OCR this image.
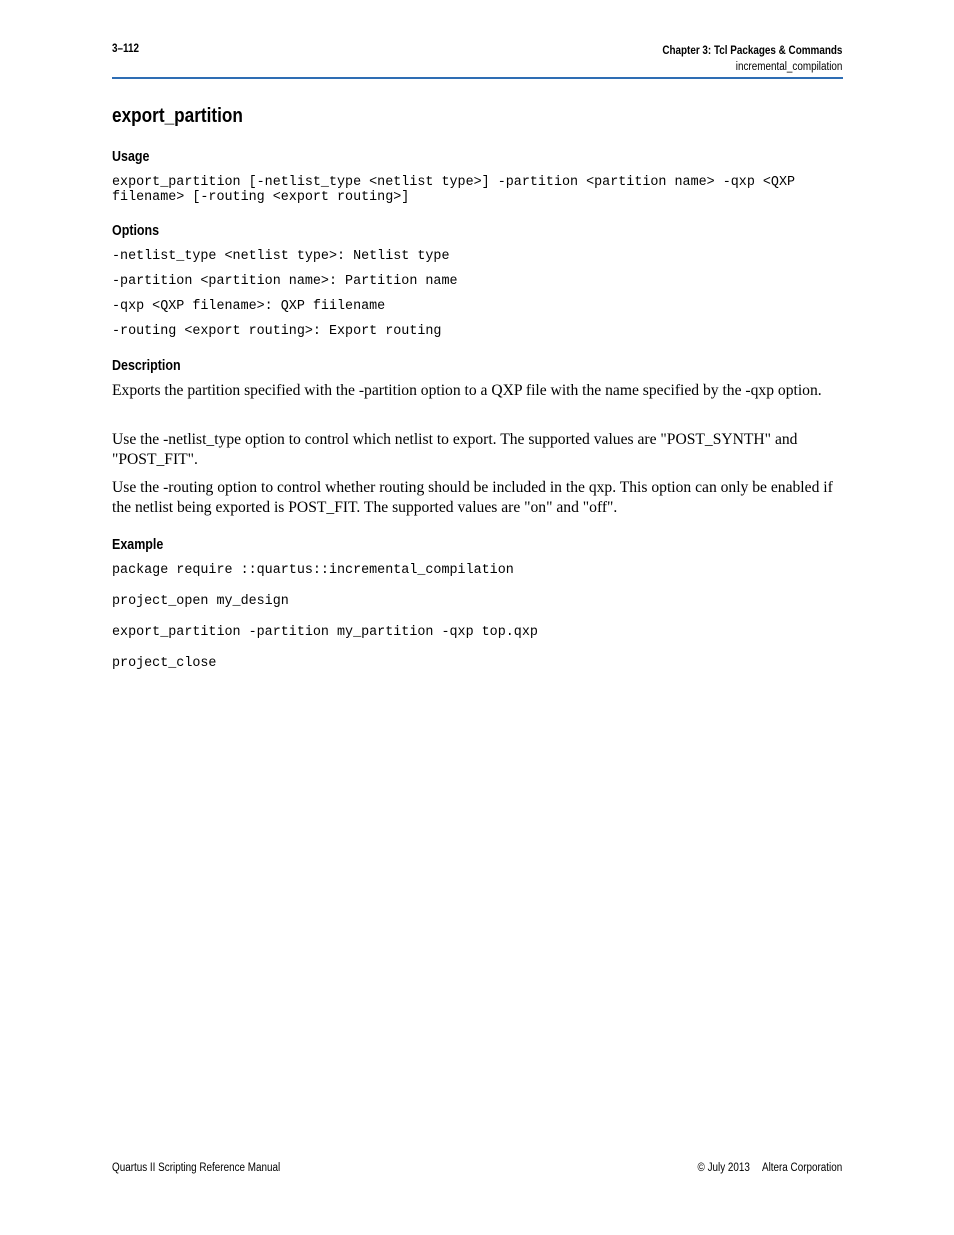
3–112	Chapter 3: Tcl Packages & Commands
incremental_compilation
export_partition
Usage
export_partition [-netlist_type <netlist type>] -partition <partition name> -qxp <QXP
filename> [-routing <export routing>]
Options
-netlist_type <netlist type>: Netlist type
-partition <partition name>: Partition name
-qxp <QXP filename>: QXP fiilename
-routing <export routing>: Export routing
Description

Exports the partition specified with the -partition option to a QXP file with the name specified by the -qxp option.

Use the -netlist_type option to control which netlist to export. The supported values are "POST_SYNTH" and "POST_FIT".

Use the -routing option to control whether routing should be included in the qxp. This option can only be enabled if the netlist being exported is POST_FIT. The supported values are "on" and "off".

Example
package require ::quartus::incremental_compilation
project_open my_design
export_partition -partition my_partition -qxp top.qxp
project_close
Quartus II Scripting Reference Manual	© July 2013 Altera Corporation
